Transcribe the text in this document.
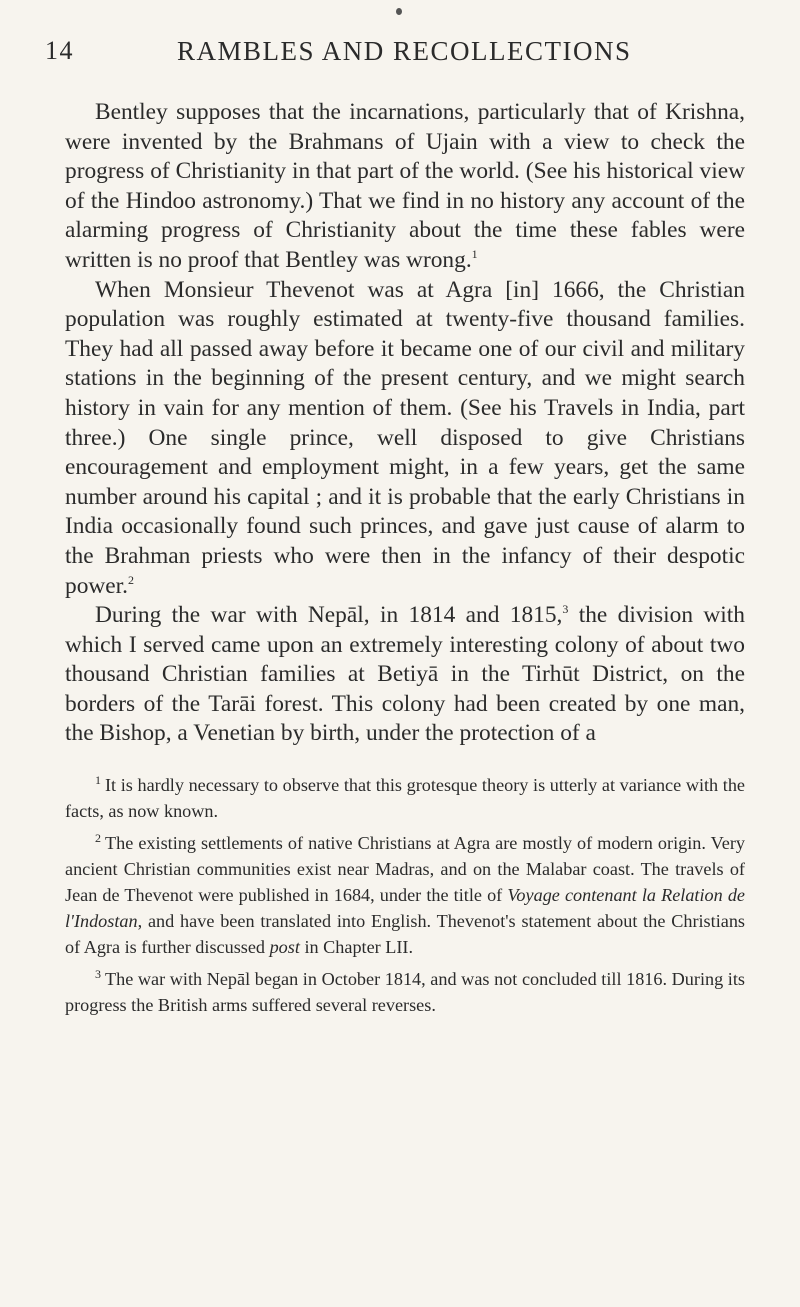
14	RAMBLES AND RECOLLECTIONS

Bentley supposes that the incarnations, particularly that of Krishna, were invented by the Brahmans of Ujain with a view to check the progress of Christianity in that part of the world. (See his historical view of the Hindoo astronomy.) That we find in no history any account of the alarming progress of Christianity about the time these fables were written is no proof that Bentley was wrong.$^1$

When Monsieur Thevenot was at Agra [in] 1666, the Christian population was roughly estimated at twenty-five thousand families. They had all passed away before it became one of our civil and military stations in the beginning of the present century, and we might search history in vain for any mention of them. (See his Travels in India, part three.) One single prince, well disposed to give Christians encouragement and employment might, in a few years, get the same number around his capital ; and it is probable that the early Christians in India occasionally found such princes, and gave just cause of alarm to the Brahman priests who were then in the infancy of their despotic power.$^2$

During the war with Nepāl, in 1814 and 1815,$^3$ the division with which I served came upon an extremely interesting colony of about two thousand Christian families at Betiyā in the Tirhūt District, on the borders of the Tarāi forest. This colony had been created by one man, the Bishop, a Venetian by birth, under the protection of a

$^1$ It is hardly necessary to observe that this grotesque theory is utterly at variance with the facts, as now known.

$^2$ The existing settlements of native Christians at Agra are mostly of modern origin. Very ancient Christian communities exist near Madras, and on the Malabar coast. The travels of Jean de Thevenot were published in 1684, under the title of Voyage contenant la Relation de l'Indostan, and have been translated into English. Thevenot's statement about the Christians of Agra is further discussed post in Chapter LII.

$^3$ The war with Nepāl began in October 1814, and was not concluded till 1816. During its progress the British arms suffered several reverses.
